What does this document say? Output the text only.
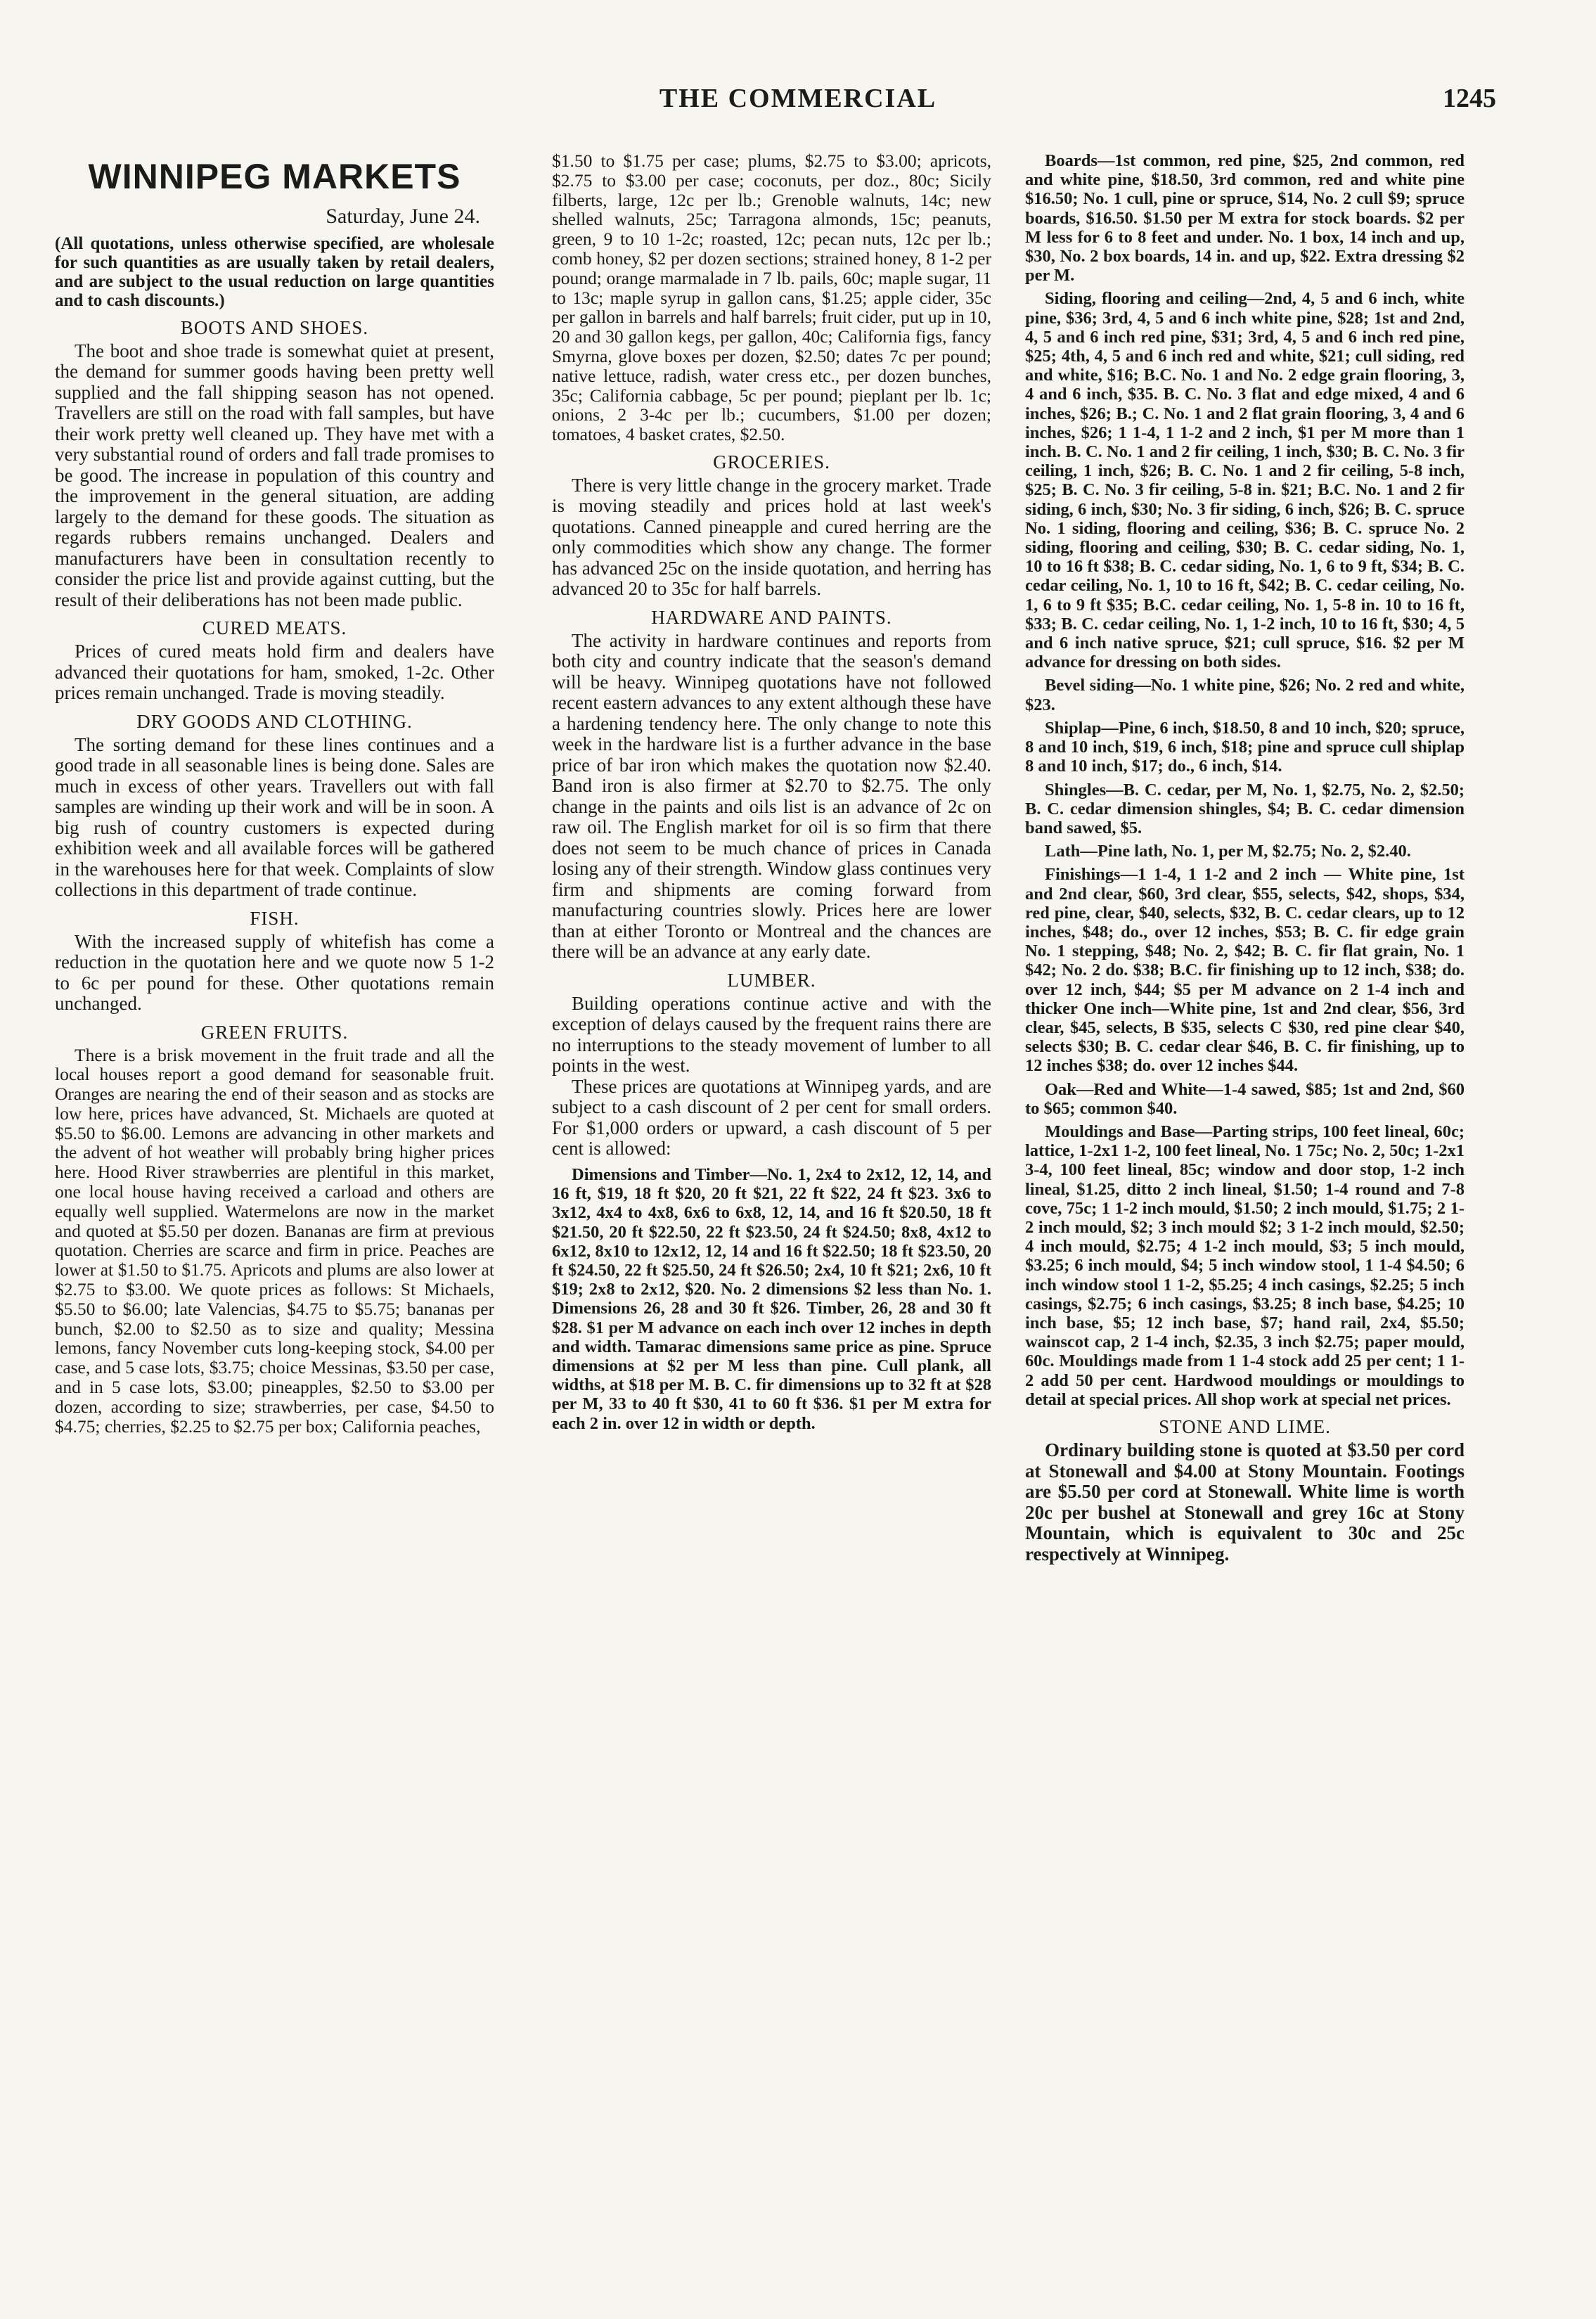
THE COMMERCIAL	1245
WINNIPEG MARKETS
Saturday, June 24.
(All quotations, unless otherwise specified, are wholesale for such quantities as are usually taken by retail dealers, and are subject to the usual reduction on large quantities and to cash discounts.)
BOOTS AND SHOES.

The boot and shoe trade is somewhat quiet at present, the demand for summer goods having been pretty well supplied and the fall shipping season has not opened. Travellers are still on the road with fall samples, but have their work pretty well cleaned up. They have met with a very substantial round of orders and fall trade promises to be good. The increase in population of this country and the improvement in the general situation, are adding largely to the demand for these goods. The situation as regards rubbers remains unchanged. Dealers and manufacturers have been in consultation recently to consider the price list and provide against cutting, but the result of their deliberations has not been made public.

CURED MEATS.

Prices of cured meats hold firm and dealers have advanced their quotations for ham, smoked, 1-2c. Other prices remain unchanged. Trade is moving steadily.

DRY GOODS AND CLOTHING.

The sorting demand for these lines continues and a good trade in all seasonable lines is being done. Sales are much in excess of other years. Travellers out with fall samples are winding up their work and will be in soon. A big rush of country customers is expected during exhibition week and all available forces will be gathered in the warehouses here for that week. Complaints of slow collections in this department of trade continue.

FISH.

With the increased supply of whitefish has come a reduction in the quotation here and we quote now 5 1-2 to 6c per pound for these. Other quotations remain unchanged.

GREEN FRUITS.

There is a brisk movement in the fruit trade and all the local houses report a good demand for seasonable fruit. Oranges are nearing the end of their season and as stocks are low here, prices have advanced, St. Michaels are quoted at $5.50 to $6.00. Lemons are advancing in other markets and the advent of hot weather will probably bring higher prices here. Hood River strawberries are plentiful in this market, one local house having received a carload and others are equally well supplied. Watermelons are now in the market and quoted at $5.50 per dozen. Bananas are firm at previous quotation. Cherries are scarce and firm in price. Peaches are lower at $1.50 to $1.75. Apricots and plums are also lower at $2.75 to $3.00. We quote prices as follows: St Michaels, $5.50 to $6.00; late Valencias, $4.75 to $5.75; bananas per bunch, $2.00 to $2.50 as to size and quality; Messina lemons, fancy November cuts long-keeping stock, $4.00 per case, and 5 case lots, $3.75; choice Messinas, $3.50 per case, and in 5 case lots, $3.00; pineapples, $2.50 to $3.00 per dozen, according to size; strawberries, per case, $4.50 to $4.75; cherries, $2.25 to $2.75 per box; California peaches,

$1.50 to $1.75 per case; plums, $2.75 to $3.00; apricots, $2.75 to $3.00 per case; coconuts, per doz., 80c; Sicily filberts, large, 12c per lb.; Grenoble walnuts, 14c; new shelled walnuts, 25c; Tarragona almonds, 15c; peanuts, green, 9 to 10 1-2c; roasted, 12c; pecan nuts, 12c per lb.; comb honey, $2 per dozen sections; strained honey, 8 1-2 per pound; orange marmalade in 7 lb. pails, 60c; maple sugar, 11 to 13c; maple syrup in gallon cans, $1.25; apple cider, 35c per gallon in barrels and half barrels; fruit cider, put up in 10, 20 and 30 gallon kegs, per gallon, 40c; California figs, fancy Smyrna, glove boxes per dozen, $2.50; dates 7c per pound; native lettuce, radish, water cress etc., per dozen bunches, 35c; California cabbage, 5c per pound; pieplant per lb. 1c; onions, 2 3-4c per lb.; cucumbers, $1.00 per dozen; tomatoes, 4 basket crates, $2.50.

GROCERIES.

There is very little change in the grocery market. Trade is moving steadily and prices hold at last week's quotations. Canned pineapple and cured herring are the only commodities which show any change. The former has advanced 25c on the inside quotation, and herring has advanced 20 to 35c for half barrels.

HARDWARE AND PAINTS.

The activity in hardware continues and reports from both city and country indicate that the season's demand will be heavy. Winnipeg quotations have not followed recent eastern advances to any extent although these have a hardening tendency here. The only change to note this week in the hardware list is a further advance in the base price of bar iron which makes the quotation now $2.40. Band iron is also firmer at $2.70 to $2.75. The only change in the paints and oils list is an advance of 2c on raw oil. The English market for oil is so firm that there does not seem to be much chance of prices in Canada losing any of their strength. Window glass continues very firm and shipments are coming forward from manufacturing countries slowly. Prices here are lower than at either Toronto or Montreal and the chances are there will be an advance at any early date.

LUMBER.

Building operations continue active and with the exception of delays caused by the frequent rains there are no interruptions to the steady movement of lumber to all points in the west.

These prices are quotations at Winnipeg yards, and are subject to a cash discount of 2 per cent for small orders. For $1,000 orders or upward, a cash discount of 5 per cent is allowed:

Dimensions and Timber—No. 1, 2x4 to 2x12, 12, 14, and 16 ft, $19, 18 ft $20, 20 ft $21, 22 ft $22, 24 ft $23. 3x6 to 3x12, 4x4 to 4x8, 6x6 to 6x8, 12, 14, and 16 ft $20.50, 18 ft $21.50, 20 ft $22.50, 22 ft $23.50, 24 ft $24.50; 8x8, 4x12 to 6x12, 8x10 to 12x12, 12, 14 and 16 ft $22.50; 18 ft $23.50, 20 ft $24.50, 22 ft $25.50, 24 ft $26.50; 2x4, 10 ft $21; 2x6, 10 ft $19; 2x8 to 2x12, $20. No. 2 dimensions $2 less than No. 1. Dimensions 26, 28 and 30 ft $26. Timber, 26, 28 and 30 ft $28. $1 per M advance on each inch over 12 inches in depth and width. Tamarac dimensions same price as pine. Spruce dimensions at $2 per M less than pine. Cull plank, all widths, at $18 per M. B. C. fir dimensions up to 32 ft at $28 per M, 33 to 40 ft $30, 41 to 60 ft $36. $1 per M extra for each 2 in. over 12 in width or depth.

Boards—1st common, red pine, $25, 2nd common, red and white pine, $18.50, 3rd common, red and white pine $16.50; No. 1 cull, pine or spruce, $14, No. 2 cull $9; spruce boards, $16.50. $1.50 per M extra for stock boards. $2 per M less for 6 to 8 feet and under. No. 1 box, 14 inch and up, $30, No. 2 box boards, 14 in. and up, $22. Extra dressing $2 per M.

Siding, flooring and ceiling—2nd, 4, 5 and 6 inch, white pine, $36; 3rd, 4, 5 and 6 inch white pine, $28; 1st and 2nd, 4, 5 and 6 inch red pine, $31; 3rd, 4, 5 and 6 inch red pine, $25; 4th, 4, 5 and 6 inch red and white, $21; cull siding, red and white, $16; B.C. No. 1 and No. 2 edge grain flooring, 3, 4 and 6 inch, $35. B. C. No. 3 flat and edge mixed, 4 and 6 inches, $26; B.; C. No. 1 and 2 flat grain flooring, 3, 4 and 6 inches, $26; 1 1-4, 1 1-2 and 2 inch, $1 per M more than 1 inch. B. C. No. 1 and 2 fir ceiling, 1 inch, $30; B. C. No. 3 fir ceiling, 1 inch, $26; B. C. No. 1 and 2 fir ceiling, 5-8 inch, $25; B. C. No. 3 fir ceiling, 5-8 in. $21; B.C. No. 1 and 2 fir siding, 6 inch, $30; No. 3 fir siding, 6 inch, $26; B. C. spruce No. 1 siding, flooring and ceiling, $36; B. C. spruce No. 2 siding, flooring and ceiling, $30; B. C. cedar siding, No. 1, 10 to 16 ft $38; B. C. cedar siding, No. 1, 6 to 9 ft, $34; B. C. cedar ceiling, No. 1, 10 to 16 ft, $42; B. C. cedar ceiling, No. 1, 6 to 9 ft $35; B.C. cedar ceiling, No. 1, 5-8 in. 10 to 16 ft, $33; B. C. cedar ceiling, No. 1, 1-2 inch, 10 to 16 ft, $30; 4, 5 and 6 inch native spruce, $21; cull spruce, $16. $2 per M advance for dressing on both sides.

Bevel siding—No. 1 white pine, $26; No. 2 red and white, $23.

Shiplap—Pine, 6 inch, $18.50, 8 and 10 inch, $20; spruce, 8 and 10 inch, $19, 6 inch, $18; pine and spruce cull shiplap 8 and 10 inch, $17; do., 6 inch, $14.

Shingles—B. C. cedar, per M, No. 1, $2.75, No. 2, $2.50; B. C. cedar dimension shingles, $4; B. C. cedar dimension band sawed, $5.

Lath—Pine lath, No. 1, per M, $2.75; No. 2, $2.40.

Finishings—1 1-4, 1 1-2 and 2 inch — White pine, 1st and 2nd clear, $60, 3rd clear, $55, selects, $42, shops, $34, red pine, clear, $40, selects, $32, B. C. cedar clears, up to 12 inches, $48; do., over 12 inches, $53; B. C. fir edge grain No. 1 stepping, $48; No. 2, $42; B. C. fir flat grain, No. 1 $42; No. 2 do. $38; B.C. fir finishing up to 12 inch, $38; do. over 12 inch, $44; $5 per M advance on 2 1-4 inch and thicker One inch—White pine, 1st and 2nd clear, $56, 3rd clear, $45, selects, B $35, selects C $30, red pine clear $40, selects $30; B. C. cedar clear $46, B. C. fir finishing, up to 12 inches $38; do. over 12 inches $44.

Oak—Red and White—1-4 sawed, $85; 1st and 2nd, $60 to $65; common $40.

Mouldings and Base—Parting strips, 100 feet lineal, 60c; lattice, 1-2x1 1-2, 100 feet lineal, No. 1 75c; No. 2, 50c; 1-2x1 3-4, 100 feet lineal, 85c; window and door stop, 1-2 inch lineal, $1.25, ditto 2 inch lineal, $1.50; 1-4 round and 7-8 cove, 75c; 1 1-2 inch mould, $1.50; 2 inch mould, $1.75; 2 1-2 inch mould, $2; 3 inch mould $2; 3 1-2 inch mould, $2.50; 4 inch mould, $2.75; 4 1-2 inch mould, $3; 5 inch mould, $3.25; 6 inch mould, $4; 5 inch window stool, 1 1-4 $4.50; 6 inch window stool 1 1-2, $5.25; 4 inch casings, $2.25; 5 inch casings, $2.75; 6 inch casings, $3.25; 8 inch base, $4.25; 10 inch base, $5; 12 inch base, $7; hand rail, 2x4, $5.50; wainscot cap, 2 1-4 inch, $2.35, 3 inch $2.75; paper mould, 60c. Mouldings made from 1 1-4 stock add 25 per cent; 1 1-2 add 50 per cent. Hardwood mouldings or mouldings to detail at special prices. All shop work at special net prices.

STONE AND LIME.

Ordinary building stone is quoted at $3.50 per cord at Stonewall and $4.00 at Stony Mountain. Footings are $5.50 per cord at Stonewall. White lime is worth 20c per bushel at Stonewall and grey 16c at Stony Mountain, which is equivalent to 30c and 25c respectively at Winnipeg.
